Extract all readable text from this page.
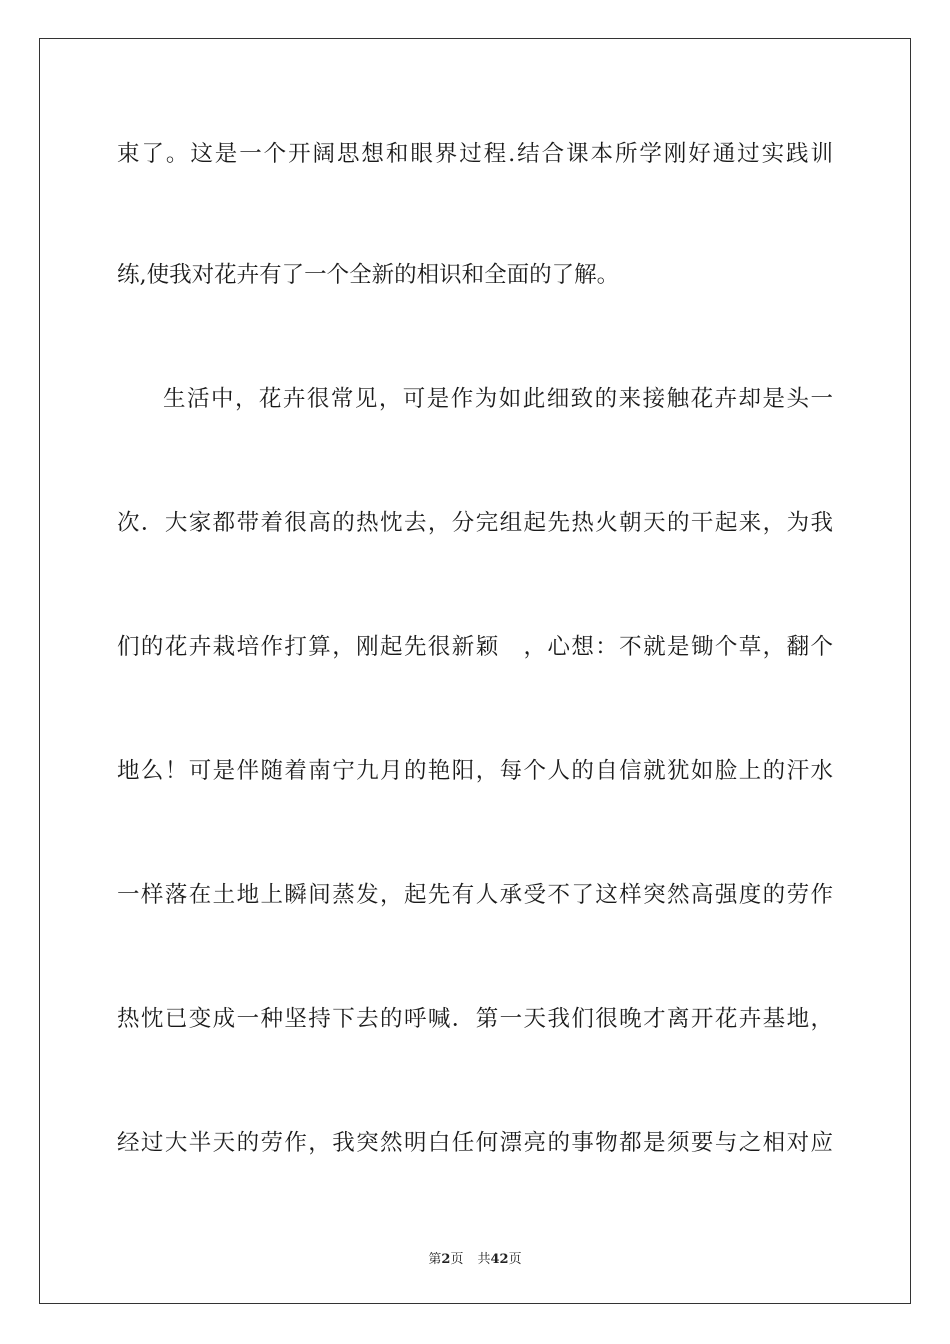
束了。这是一个开阔思想和眼界过程.结合课本所学刚好通过实践训
练,使我对花卉有了一个全新的相识和全面的了解。
生活中，花卉很常见，可是作为如此细致的来接触花卉却是头一
次．大家都带着很高的热忱去，分完组起先热火朝天的干起来，为我
们的花卉栽培作打算，刚起先很新颖　，心想：不就是锄个草，翻个
地么！可是伴随着南宁九月的艳阳，每个人的自信就犹如脸上的汗水
一样落在土地上瞬间蒸发，起先有人承受不了这样突然高强度的劳作
热忱已变成一种坚持下去的呼喊．第一天我们很晚才离开花卉基地，
经过大半天的劳作，我突然明白任何漂亮的事物都是须要与之相对应
第2页 共42页
